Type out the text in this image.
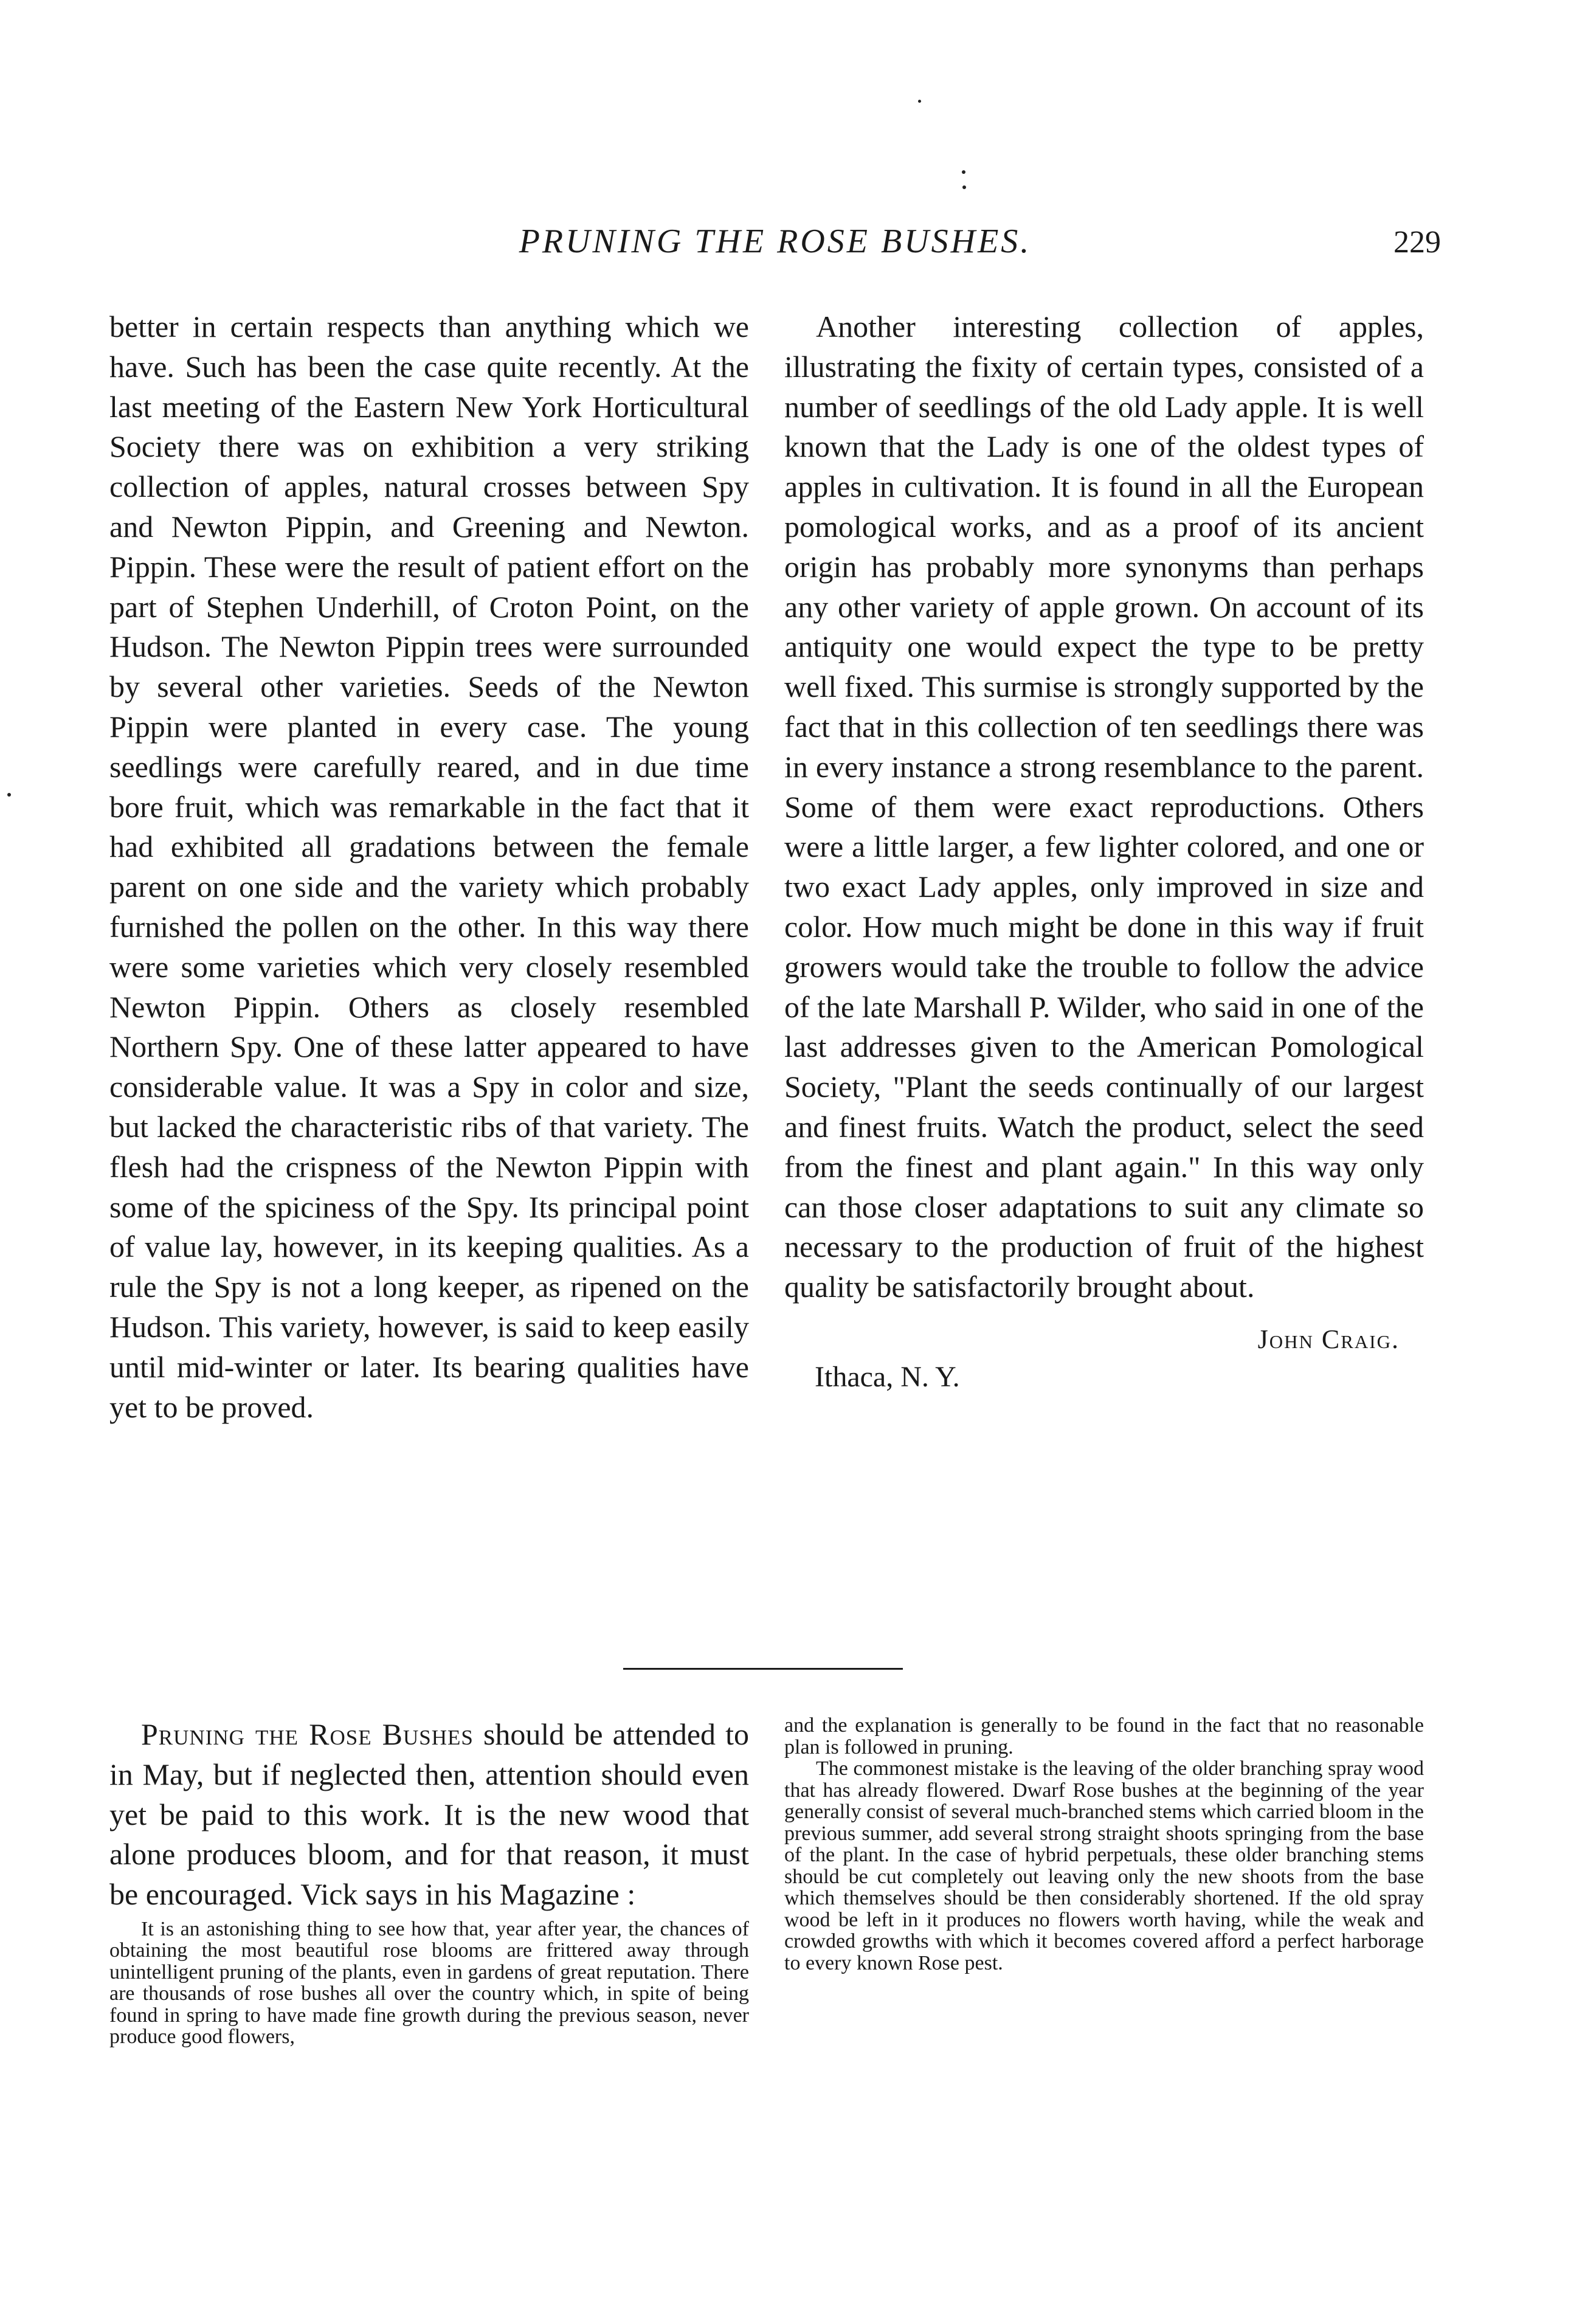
PRUNING THE ROSE BUSHES.	229

better in certain respects than anything which we have. Such has been the case quite recently. At the last meeting of the Eastern New York Horticultural Society there was on exhibition a very striking collection of apples, natural crosses between Spy and Newton Pippin, and Greening and Newton. Pippin. These were the result of patient effort on the part of Stephen Underhill, of Croton Point, on the Hudson. The Newton Pippin trees were surrounded by several other varieties. Seeds of the Newton Pippin were planted in every case. The young seedlings were carefully reared, and in due time bore fruit, which was remarkable in the fact that it had exhibited all gradations between the female parent on one side and the variety which probably furnished the pollen on the other. In this way there were some varieties which very closely resembled Newton Pippin. Others as closely resembled Northern Spy. One of these latter appeared to have considerable value. It was a Spy in color and size, but lacked the characteristic ribs of that variety. The flesh had the crispness of the Newton Pippin with some of the spiciness of the Spy. Its principal point of value lay, however, in its keeping qualities. As a rule the Spy is not a long keeper, as ripened on the Hudson. This variety, however, is said to keep easily until mid-winter or later. Its bearing qualities have yet to be proved.

Another interesting collection of apples, illustrating the fixity of certain types, consisted of a number of seedlings of the old Lady apple. It is well known that the Lady is one of the oldest types of apples in cultivation. It is found in all the European pomological works, and as a proof of its ancient origin has probably more synonyms than perhaps any other variety of apple grown. On account of its antiquity one would expect the type to be pretty well fixed. This surmise is strongly supported by the fact that in this collection of ten seedlings there was in every instance a strong resemblance to the parent. Some of them were exact reproductions. Others were a little larger, a few lighter colored, and one or two exact Lady apples, only improved in size and color. How much might be done in this way if fruit growers would take the trouble to follow the advice of the late Marshall P. Wilder, who said in one of the last addresses given to the American Pomological Society, "Plant the seeds continually of our largest and finest fruits. Watch the product, select the seed from the finest and plant again." In this way only can those closer adaptations to suit any climate so necessary to the production of fruit of the highest quality be satisfactorily brought about.

John Craig.
Ithaca, N. Y.

Pruning the Rose Bushes should be attended to in May, but if neglected then, attention should even yet be paid to this work. It is the new wood that alone produces bloom, and for that reason, it must be encouraged. Vick says in his Magazine :

It is an astonishing thing to see how that, year after year, the chances of obtaining the most beautiful rose blooms are frittered away through unintelligent pruning of the plants, even in gardens of great reputation. There are thousands of rose bushes all over the country which, in spite of being found in spring to have made fine growth during the previous season, never produce good flowers,

and the explanation is generally to be found in the fact that no reasonable plan is followed in pruning.

The commonest mistake is the leaving of the older branching spray wood that has already flowered. Dwarf Rose bushes at the beginning of the year generally consist of several much-branched stems which carried bloom in the previous summer, add several strong straight shoots springing from the base of the plant. In the case of hybrid perpetuals, these older branching stems should be cut completely out leaving only the new shoots from the base which themselves should be then considerably shortened. If the old spray wood be left in it produces no flowers worth having, while the weak and crowded growths with which it becomes covered afford a perfect harborage to every known Rose pest.
